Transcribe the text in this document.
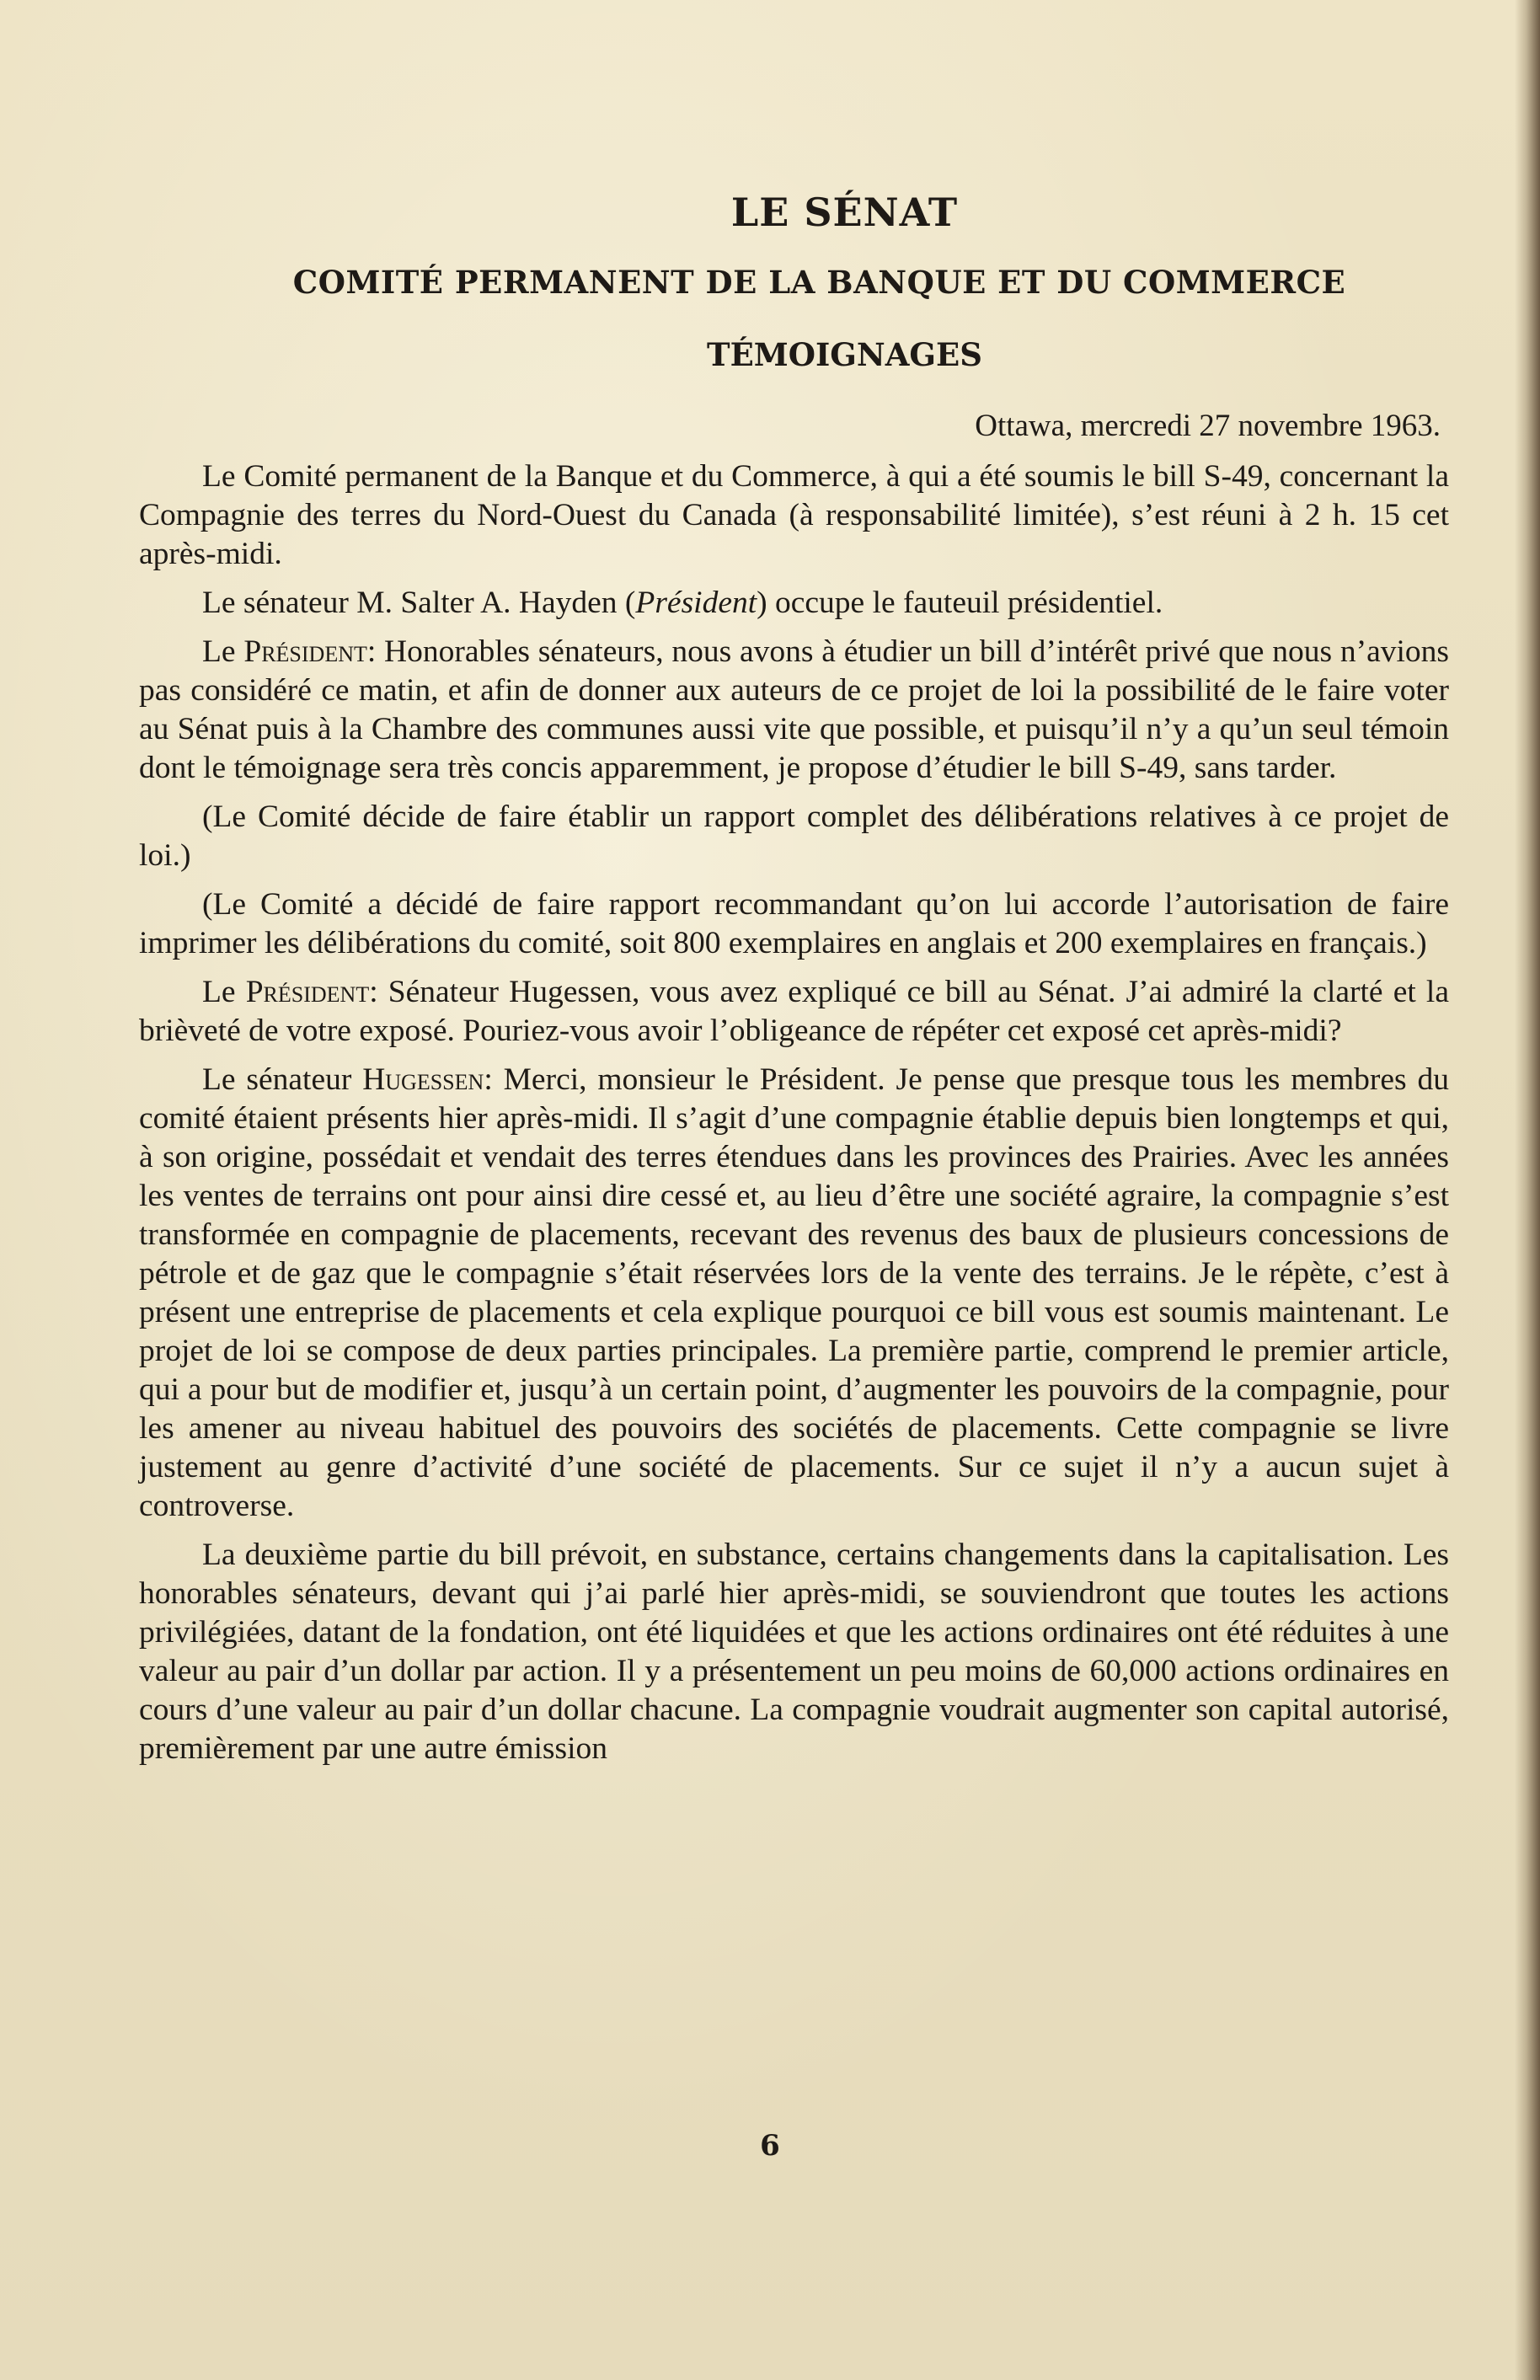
LE SÉNAT
COMITÉ PERMANENT DE LA BANQUE ET DU COMMERCE
TÉMOIGNAGES
Ottawa, mercredi 27 novembre 1963.

Le Comité permanent de la Banque et du Commerce, à qui a été soumis le bill S-49, concernant la Compagnie des terres du Nord-Ouest du Canada (à responsabilité limitée), s’est réuni à 2 h. 15 cet après-midi.

Le sénateur M. Salter A. Hayden (Président) occupe le fauteuil présidentiel.

Le Président: Honorables sénateurs, nous avons à étudier un bill d’intérêt privé que nous n’avions pas considéré ce matin, et afin de donner aux auteurs de ce projet de loi la possibilité de le faire voter au Sénat puis à la Chambre des communes aussi vite que possible, et puisqu’il n’y a qu’un seul témoin dont le témoignage sera très concis apparemment, je propose d’étudier le bill S-49, sans tarder.

(Le Comité décide de faire établir un rapport complet des délibérations relatives à ce projet de loi.)

(Le Comité a décidé de faire rapport recommandant qu’on lui accorde l’autorisation de faire imprimer les délibérations du comité, soit 800 exemplaires en anglais et 200 exemplaires en français.)

Le Président: Sénateur Hugessen, vous avez expliqué ce bill au Sénat. J’ai admiré la clarté et la brièveté de votre exposé. Pouriez-vous avoir l’obligeance de répéter cet exposé cet après-midi?

Le sénateur Hugessen: Merci, monsieur le Président. Je pense que presque tous les membres du comité étaient présents hier après-midi. Il s’agit d’une compagnie établie depuis bien longtemps et qui, à son origine, possédait et vendait des terres étendues dans les provinces des Prairies. Avec les années les ventes de terrains ont pour ainsi dire cessé et, au lieu d’être une société agraire, la compagnie s’est transformée en compagnie de placements, recevant des revenus des baux de plusieurs concessions de pétrole et de gaz que le compagnie s’était réservées lors de la vente des terrains. Je le répète, c’est à présent une entreprise de placements et cela explique pourquoi ce bill vous est soumis maintenant. Le projet de loi se compose de deux parties principales. La première partie, comprend le premier article, qui a pour but de modifier et, jusqu’à un certain point, d’augmenter les pouvoirs de la compagnie, pour les amener au niveau habituel des pouvoirs des sociétés de placements. Cette compagnie se livre justement au genre d’activité d’une société de placements. Sur ce sujet il n’y a aucun sujet à controverse.

La deuxième partie du bill prévoit, en substance, certains changements dans la capitalisation. Les honorables sénateurs, devant qui j’ai parlé hier après-midi, se souviendront que toutes les actions privilégiées, datant de la fondation, ont été liquidées et que les actions ordinaires ont été réduites à une valeur au pair d’un dollar par action. Il y a présentement un peu moins de 60,000 actions ordinaires en cours d’une valeur au pair d’un dollar chacune. La compagnie voudrait augmenter son capital autorisé, premièrement par une autre émission

6
